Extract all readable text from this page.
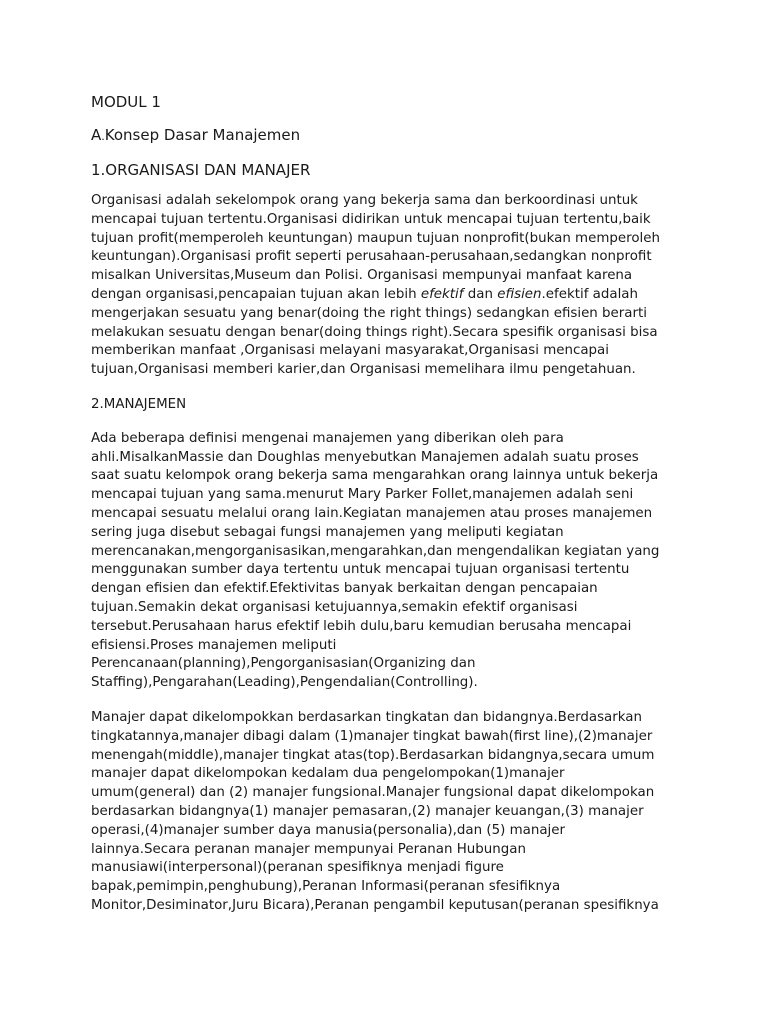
MODUL 1
A.Konsep Dasar Manajemen
1.ORGANISASI DAN MANAJER

Organisasi adalah sekelompok orang yang bekerja sama dan berkoordinasi untuk
mencapai tujuan tertentu.Organisasi didirikan untuk mencapai tujuan tertentu,baik
tujuan profit(memperoleh keuntungan) maupun tujuan nonprofit(bukan memperoleh
keuntungan).Organisasi profit seperti perusahaan-perusahaan,sedangkan nonprofit
misalkan Universitas,Museum dan Polisi. Organisasi mempunyai manfaat karena
dengan organisasi,pencapaian tujuan akan lebih efektif dan efisien.efektif adalah
mengerjakan sesuatu yang benar(doing the right things) sedangkan efisien berarti
melakukan sesuatu dengan benar(doing things right).Secara spesifik organisasi bisa
memberikan manfaat ,Organisasi melayani masyarakat,Organisasi mencapai
tujuan,Organisasi memberi karier,dan Organisasi memelihara ilmu pengetahuan.

2.MANAJEMEN

Ada beberapa definisi mengenai manajemen yang diberikan oleh para
ahli.MisalkanMassie dan Doughlas menyebutkan Manajemen adalah suatu proses
saat suatu kelompok orang bekerja sama mengarahkan orang lainnya untuk bekerja
mencapai tujuan yang sama.menurut Mary Parker Follet,manajemen adalah seni
mencapai sesuatu melalui orang lain.Kegiatan manajemen atau proses manajemen
sering juga disebut sebagai fungsi manajemen yang meliputi kegiatan
merencanakan,mengorganisasikan,mengarahkan,dan mengendalikan kegiatan yang
menggunakan sumber daya tertentu untuk mencapai tujuan organisasi tertentu
dengan efisien dan efektif.Efektivitas banyak berkaitan dengan pencapaian
tujuan.Semakin dekat organisasi ketujuannya,semakin efektif organisasi
tersebut.Perusahaan harus efektif lebih dulu,baru kemudian berusaha mencapai
efisiensi.Proses manajemen meliputi
Perencanaan(planning),Pengorganisasian(Organizing dan
Staffing),Pengarahan(Leading),Pengendalian(Controlling).

Manajer dapat dikelompokkan berdasarkan tingkatan dan bidangnya.Berdasarkan
tingkatannya,manajer dibagi dalam (1)manajer tingkat bawah(first line),(2)manajer
menengah(middle),manajer tingkat atas(top).Berdasarkan bidangnya,secara umum
manajer dapat dikelompokan kedalam dua pengelompokan(1)manajer
umum(general) dan (2) manajer fungsional.Manajer fungsional dapat dikelompokan
berdasarkan bidangnya(1) manajer pemasaran,(2) manajer keuangan,(3) manajer
operasi,(4)manajer sumber daya manusia(personalia),dan (5) manajer
lainnya.Secara peranan manajer mempunyai Peranan Hubungan
manusiawi(interpersonal)(peranan spesifiknya menjadi figure
bapak,pemimpin,penghubung),Peranan Informasi(peranan sfesifiknya
Monitor,Desiminator,Juru Bicara),Peranan pengambil keputusan(peranan spesifiknya
